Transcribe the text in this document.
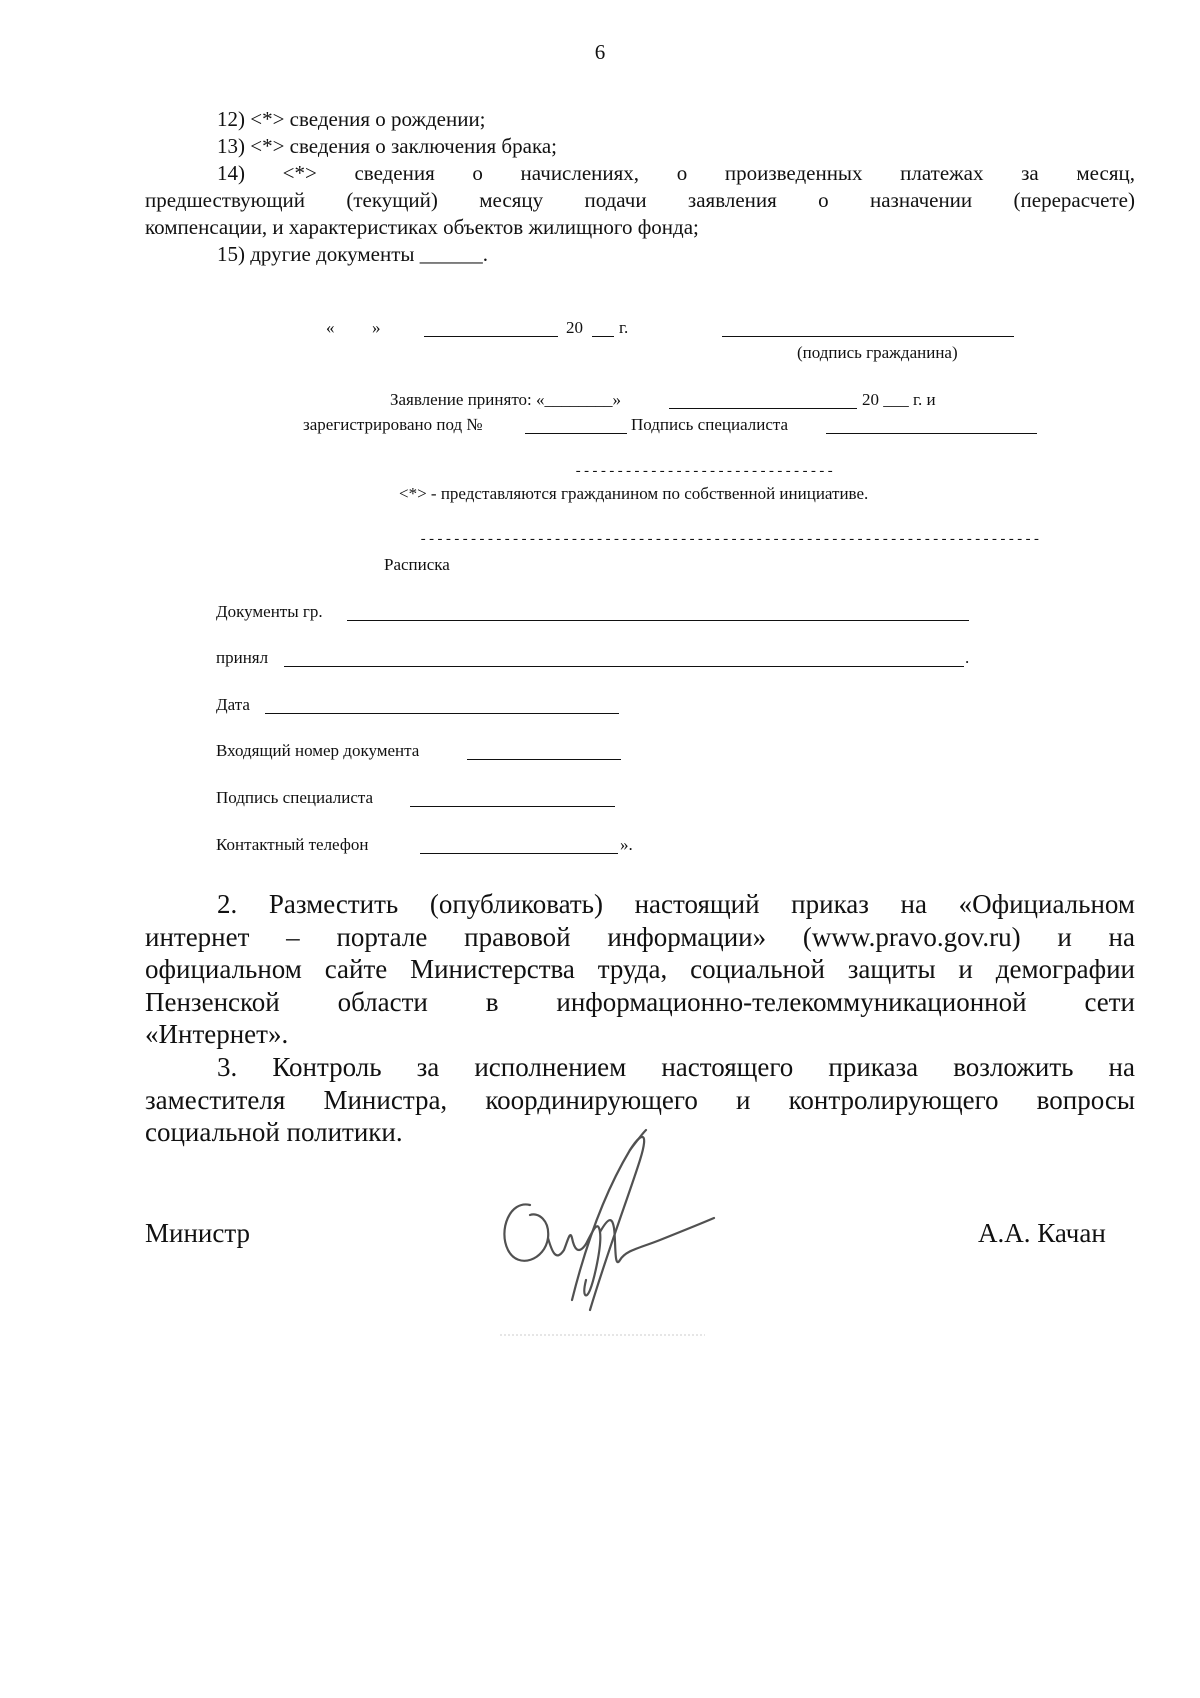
6
12) <*> сведения о рождении;
13) <*> сведения о заключения брака;
14) <*> сведения о начислениях, о произведенных платежах за месяц,
предшествующий (текущий) месяцу подачи заявления о назначении (перерасчете)
компенсации, и характеристиках объектов жилищного фонда;
15) другие документы ______.
« »	20 г.
(подпись гражданина)
Заявление принято: «________»	20 ___ г. и
зарегистрировано под №	Подпись специалиста
-------------------------------
<*> - представляются гражданином по собственной инициативе.
--------------------------------------------------------------------------
Расписка
Документы гр.
принял	.
Дата
Входящий номер документа
Подпись специалиста
Контактный телефон	».
2. Разместить (опубликовать) настоящий приказ на «Официальном
интернет – портале правовой информации» (www.pravo.gov.ru) и на
официальном сайте Министерства труда, социальной защиты и демографии
Пензенской области в информационно-телекоммуникационной сети
«Интернет».
3. Контроль за исполнением настоящего приказа возложить на
заместителя Министра, координирующего и контролирующего вопросы
социальной политики.
Министр	А.А. Качан
